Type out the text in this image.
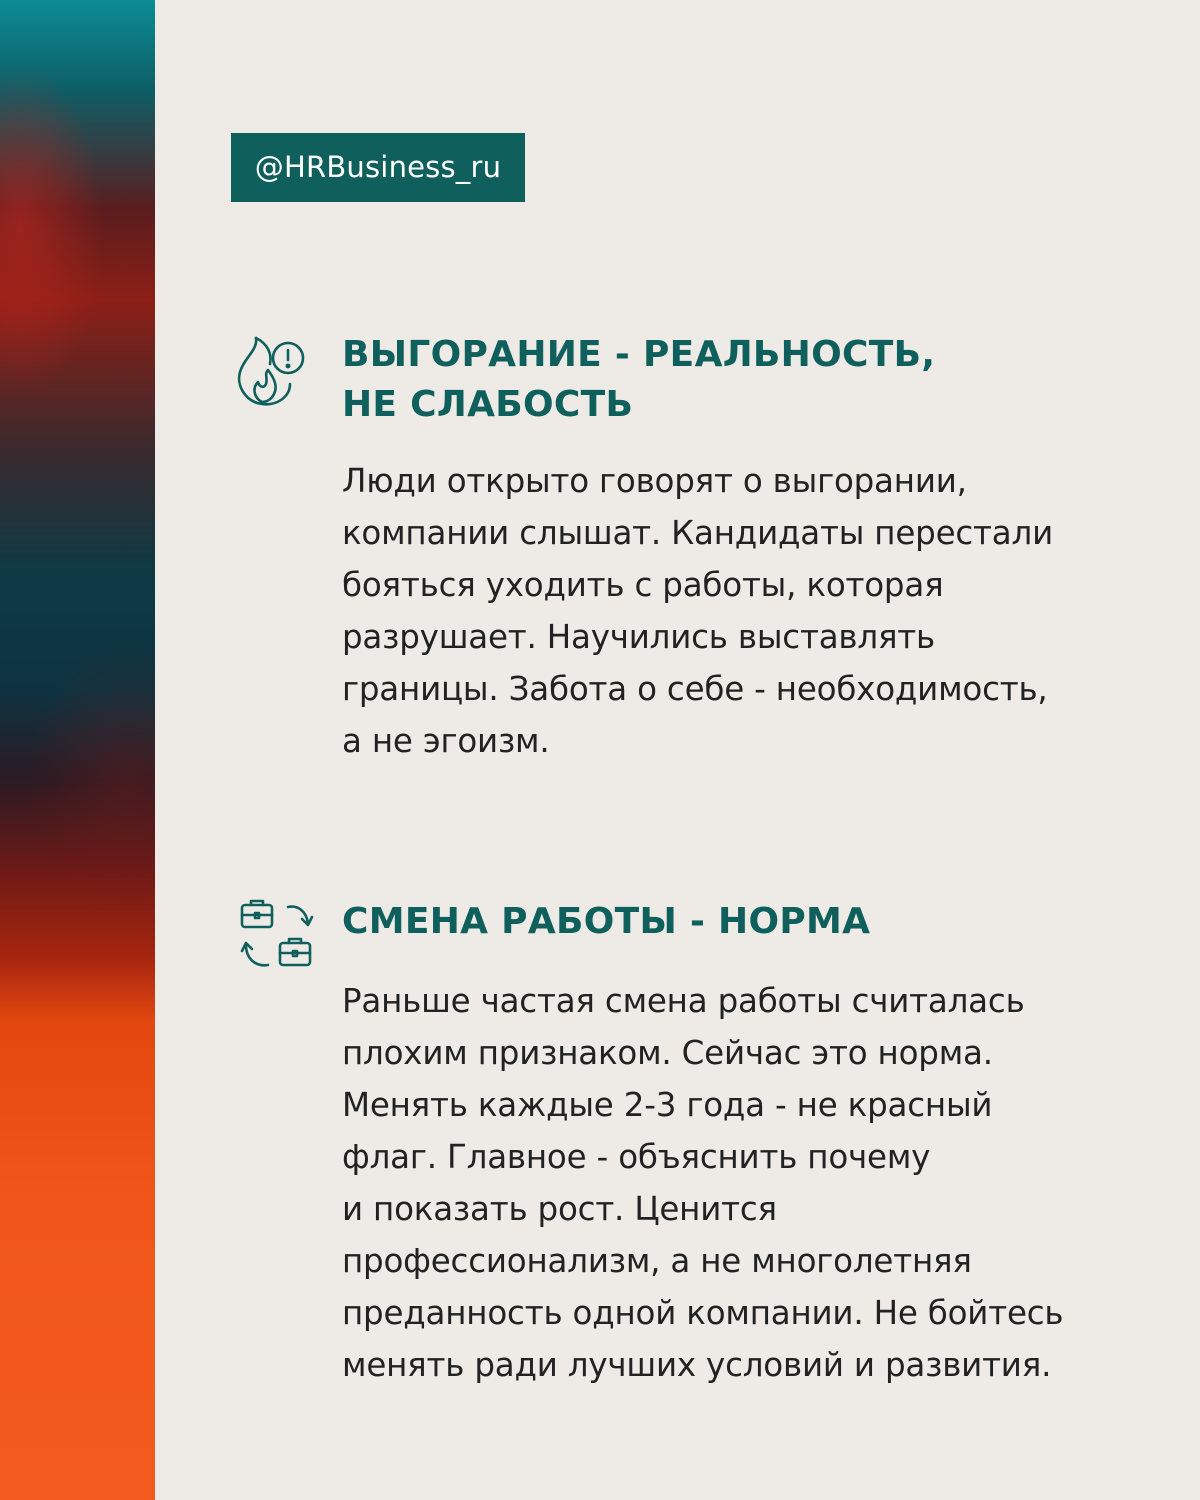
@HRBusiness_ru
ВЫГОРАНИЕ - РЕАЛЬНОСТЬ,
НЕ СЛАБОСТЬ

Люди открыто говорят о выгорании,
компании слышат. Кандидаты перестали
бояться уходить с работы, которая
разрушает. Научились выставлять
границы. Забота о себе - необходимость,
а не эгоизм.

СМЕНА РАБОТЫ - НОРМА

Раньше частая смена работы считалась
плохим признаком. Сейчас это норма.
Менять каждые 2-3 года - не красный
флаг. Главное - объяснить почему
и показать рост. Ценится
профессионализм, а не многолетняя
преданность одной компании. Не бойтесь
менять ради лучших условий и развития.
